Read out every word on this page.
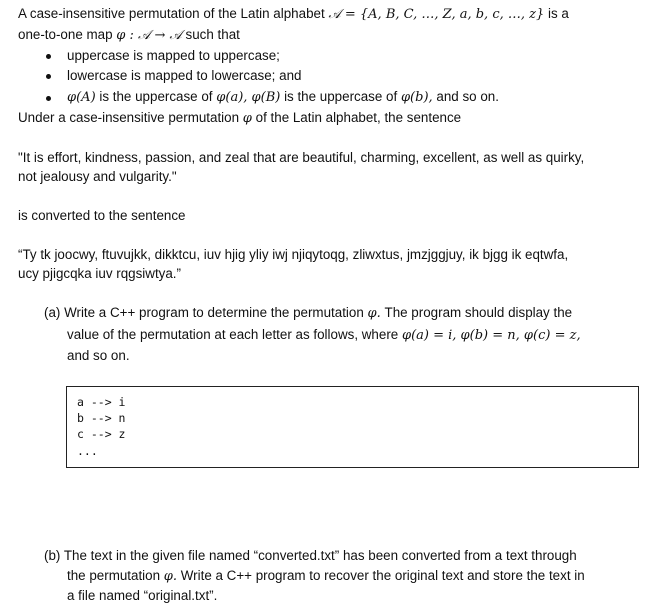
A case-insensitive permutation of the Latin alphabet 𝒜 = {A, B, C, …, Z, a, b, c, …, z} is a
one-to-one map φ : 𝒜 → 𝒜 such that
uppercase is mapped to uppercase;
lowercase is mapped to lowercase; and
φ(A) is the uppercase of φ(a), φ(B) is the uppercase of φ(b), and so on.
Under a case-insensitive permutation φ of the Latin alphabet, the sentence
"It is effort, kindness, passion, and zeal that are beautiful, charming, excellent, as well as quirky,
not jealousy and vulgarity."
is converted to the sentence
“Ty tk joocwy, ftuvujkk, dikktcu, iuv hjig yliy iwj njiqytoqg, zliwxtus, jmzjggjuy, ik bjgg ik eqtwfa,
ucy pjigcqka iuv rqgsiwtya.”
(a) Write a C++ program to determine the permutation φ. The program should display the
value of the permutation at each letter as follows, where φ(a) = i, φ(b) = n, φ(c) = z,
and so on.
a --> i
b --> n
c --> z
...
(b) The text in the given file named “converted.txt” has been converted from a text through
the permutation φ. Write a C++ program to recover the original text and store the text in
a file named “original.txt”.
